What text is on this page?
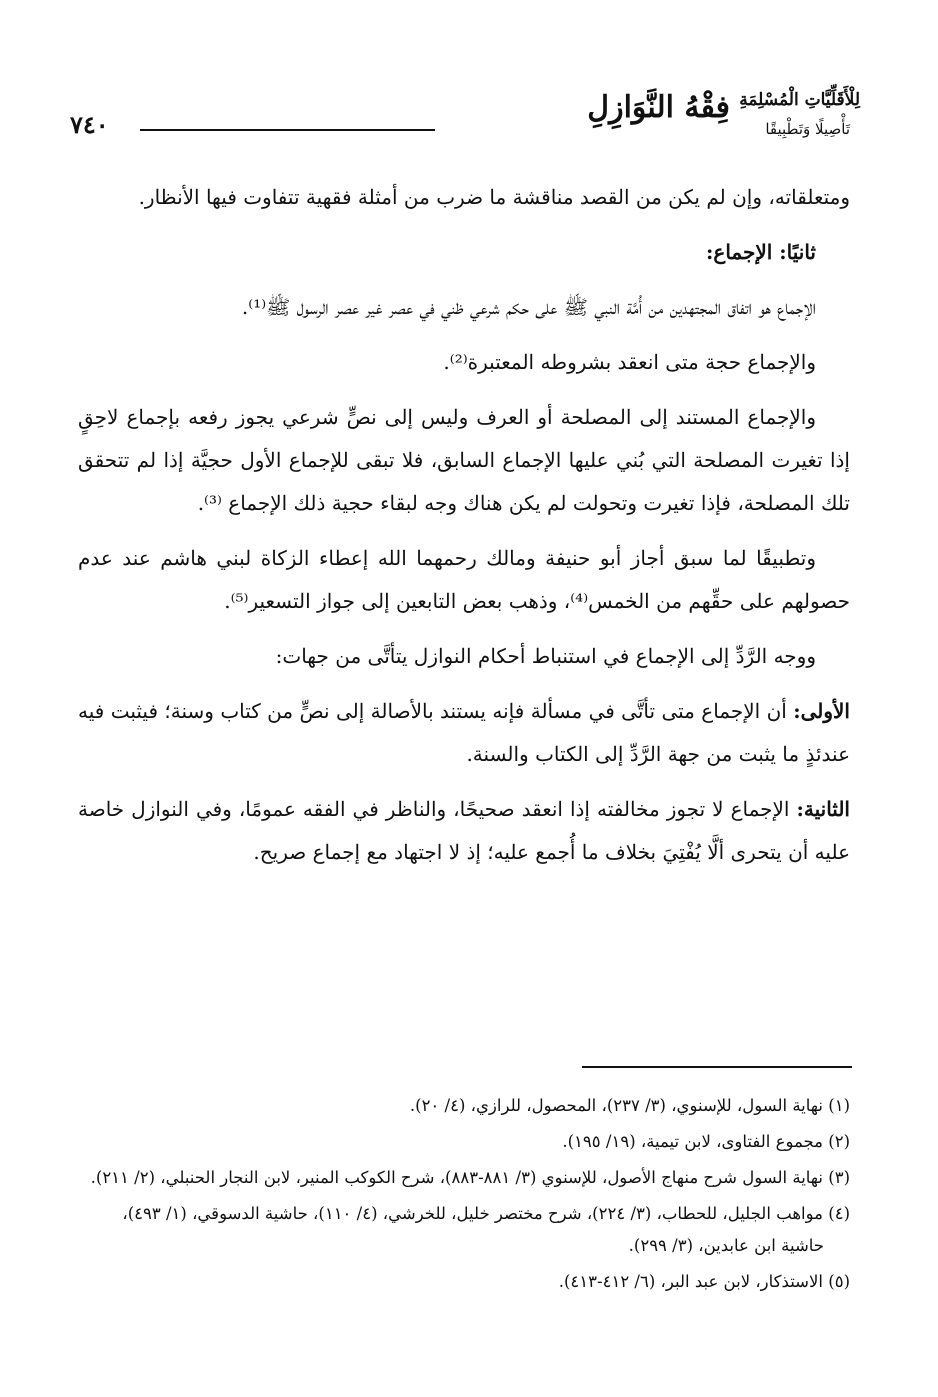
٧٤٠	فِقْهُ النَّوَازِلِ لِلْأَقَلِّيَّاتِ الْمُسْلِمَةِ
تَأْصِيلًا وَتَطْبِيقًا

ومتعلقاته، وإن لم يكن من القصد مناقشة ما ضرب من أمثلة فقهية تتفاوت فيها الأنظار.

ثانيًا: الإجماع:

الإجماع هو اتفاق المجتهدين من أُمَّة النبي ﷺ على حكم شرعي ظني في عصر غير عصر الرسول ﷺ⁽¹⁾.

والإجماع حجة متى انعقد بشروطه المعتبرة⁽²⁾.

والإجماع المستند إلى المصلحة أو العرف وليس إلى نصٍّ شرعي يجوز رفعه بإجماع لاحِقٍ إذا تغيرت المصلحة التي بُني عليها الإجماع السابق، فلا تبقى للإجماع الأول حجيَّة إذا لم تتحقق تلك المصلحة، فإذا تغيرت وتحولت لم يكن هناك وجه لبقاء حجية ذلك الإجماع ⁽³⁾.

وتطبيقًا لما سبق أجاز أبو حنيفة ومالك رحمهما الله إعطاء الزكاة لبني هاشم عند عدم حصولهم على حقِّهم من الخمس⁽⁴⁾، وذهب بعض التابعين إلى جواز التسعير⁽⁵⁾.

ووجه الرَّدِّ إلى الإجماع في استنباط أحكام النوازل يتأتَّى من جهات:

الأولى: أن الإجماع متى تأتَّى في مسألة فإنه يستند بالأصالة إلى نصٍّ من كتاب وسنة؛ فيثبت فيه عندئذٍ ما يثبت من جهة الرَّدِّ إلى الكتاب والسنة.

الثانية: الإجماع لا تجوز مخالفته إذا انعقد صحيحًا، والناظر في الفقه عمومًا، وفي النوازل خاصة عليه أن يتحرى ألَّا يُفْتِيَ بخلاف ما أُجمع عليه؛ إذ لا اجتهاد مع إجماع صريح.

(١) نهاية السول، للإسنوي، (٣/ ٢٣٧)، المحصول، للرازي، (٤/ ٢٠).

(٢) مجموع الفتاوى، لابن تيمية، (١٩/ ١٩٥).

(٣) نهاية السول شرح منهاج الأصول، للإسنوي (٣/ ٨٨١-٨٨٣)، شرح الكوكب المنير، لابن النجار الحنبلي، (٢/ ٢١١).

(٤) مواهب الجليل، للحطاب، (٣/ ٢٢٤)، شرح مختصر خليل، للخرشي، (٤/ ١١٠)، حاشية الدسوقي، (١/ ٤٩٣)، حاشية ابن عابدين، (٣/ ٢٩٩).

(٥) الاستذكار، لابن عبد البر، (٦/ ٤١٢-٤١٣).
